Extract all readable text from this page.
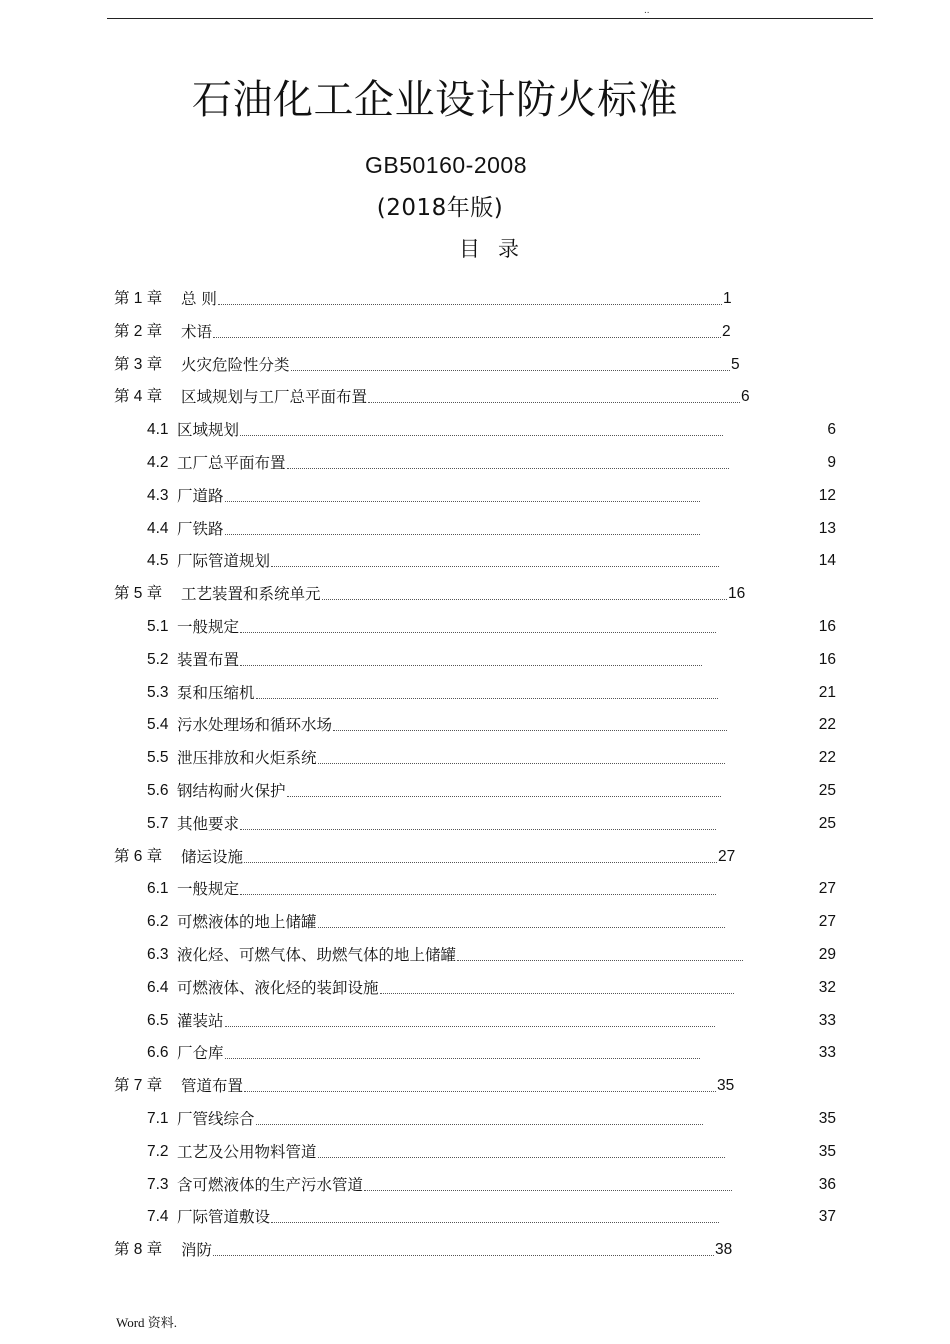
..
石油化工企业设计防火标准
GB50160-2008
(2018年版)
目录
第 1 章 总 则	1
第 2 章 术语	2
第 3 章 火灾危险性分类	5
第 4 章 区域规划与工厂总平面布置	6
4.1 区域规划	6
4.2 工厂总平面布置	9
4.3 厂道路	12
4.4 厂铁路	13
4.5 厂际管道规划	14
第 5 章 工艺装置和系统单元	16
5.1 一般规定	16
5.2 装置布置	16
5.3 泵和压缩机	21
5.4 污水处理场和循环水场	22
5.5 泄压排放和火炬系统	22
5.6 钢结构耐火保护	25
5.7 其他要求	25
第 6 章 储运设施	27
6.1 一般规定	27
6.2 可燃液体的地上储罐	27
6.3 液化烃、可燃气体、助燃气体的地上储罐	29
6.4 可燃液体、液化烃的装卸设施	32
6.5 灌装站	33
6.6 厂仓库	33
第 7 章 管道布置	35
7.1 厂管线综合	35
7.2 工艺及公用物料管道	35
7.3 含可燃液体的生产污水管道	36
7.4 厂际管道敷设	37
第 8 章 消防	38
Word 资料.
